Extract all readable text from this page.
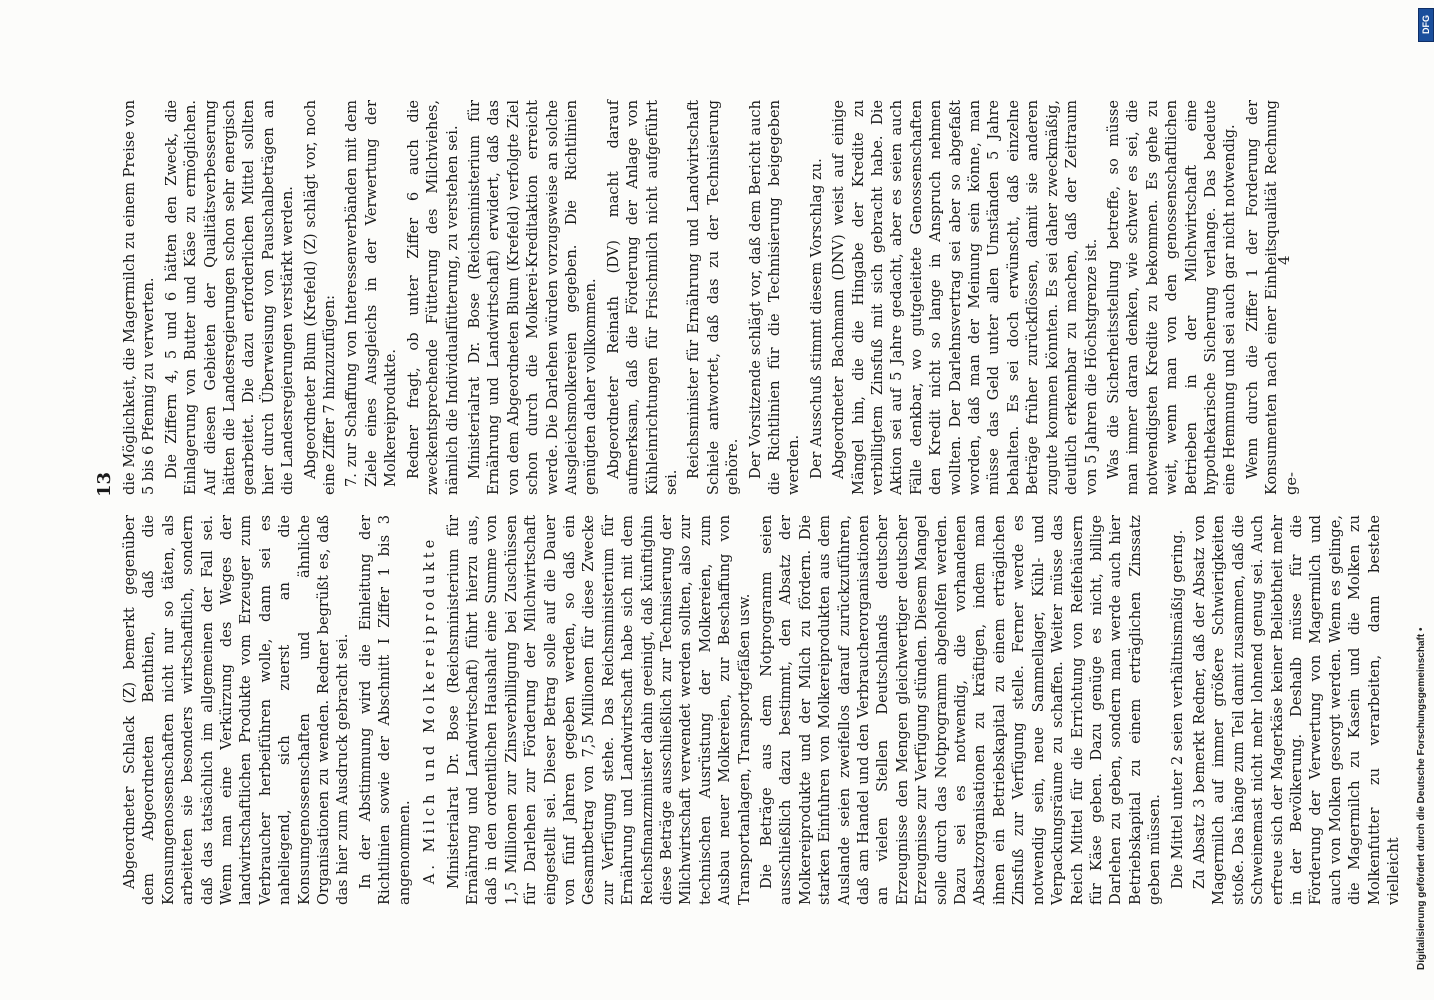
13

Abgeordneter Schlack (Z) bemerkt gegenüber dem Abgeordneten Benthien, daß die Konsumgenossenschaften nicht nur so täten, als arbeiteten sie besonders wirtschaftlich, sondern daß das tatsächlich im allgemeinen der Fall sei. Wenn man eine Verkürzung des Weges der landwirtschaftlichen Produkte vom Erzeuger zum Verbraucher herbeiführen wolle, dann sei es naheliegend, sich zuerst an die Konsumgenossenschaften und ähnliche Organisationen zu wenden. Redner begrüßt es, daß das hier zum Ausdruck gebracht sei. In der Abstimmung wird die Einleitung der Richtlinien sowie der Abschnitt I Ziffer 1 bis 3 angenommen. A. Milch und Molkereiprodukte Ministerialrat Dr. Bose (Reichsministerium für Ernährung und Landwirtschaft) führt hierzu aus, daß in den ordentlichen Haushalt eine Summe von 1,5 Millionen zur Zinsverbilligung bei Zuschüssen für Darlehen zur Förderung der Milchwirtschaft eingestellt sei. Dieser Betrag solle auf die Dauer von fünf Jahren gegeben werden, so daß ein Gesamtbetrag von 7,5 Millionen für diese Zwecke zur Verfügung stehe. Das Reichsministerium für Ernährung und Landwirtschaft habe sich mit dem Reichsfinanzminister dahin geeinigt, daß künftighin diese Beträge ausschließlich zur Technisierung der Milchwirtschaft verwendet werden sollten, also zur technischen Ausrüstung der Molkereien, zum Ausbau neuer Molkereien, zur Beschaffung von Transportanlagen, Transportgefäßen usw. Die Beträge aus dem Notprogramm seien ausschließlich dazu bestimmt, den Absatz der Molkereiprodukte und der Milch zu fördern. Die starken Einfuhren von Molkereiprodukten aus dem Auslande seien zweifellos darauf zurückzuführen, daß am Handel und den Verbraucherorganisationen an vielen Stellen Deutschlands deutscher Erzeugnisse den Mengen gleichwertiger deutscher Erzeugnisse zur Verfügung stünden. Diesem Mangel solle durch das Notprogramm abgeholfen werden. Dazu sei es notwendig, die vorhandenen Absatzorganisationen zu kräftigen, indem man ihnen ein Betriebskapital zu einem erträglichen Zinsfuß zur Verfügung stelle. Ferner werde es notwendig sein, neue Sammellager, Kühl- und Verpackungsräume zu schaffen. Weiter müsse das Reich Mittel für die Errichtung von Reifehäusern für Käse geben. Dazu genüge es nicht, billige Darlehen zu geben, sondern man werde auch hier Betriebskapital zu einem erträglichen Zinssatz geben müssen. Die Mittel unter 2 seien verhältnismäßig gering. Zu Absatz 3 bemerkt Redner, daß der Absatz von Magermilch auf immer größere Schwierigkeiten stoße. Das hänge zum Teil damit zusammen, daß die Schweinemast nicht mehr lohnend genug sei. Auch erfreue sich der Magerkäse keiner Beliebtheit mehr in der Bevölkerung. Deshalb müsse für die Förderung der Verwertung von Magermilch und auch von Molken gesorgt werden. Wenn es gelinge, die Magermilch zu Kasein und die Molken zu Molkenfutter zu verarbeiten, dann bestehe vielleicht

die Möglichkeit, die Magermilch zu einem Preise von 5 bis 6 Pfennig zu verwerten. Die Ziffern 4, 5 und 6 hätten den Zweck, die Einlagerung von Butter und Käse zu ermöglichen. Auf diesen Gebieten der Qualitätsverbesserung hätten die Landesregierungen schon sehr energisch gearbeitet. Die dazu erforderlichen Mittel sollten hier durch Überweisung von Pauschalbeträgen an die Landesregierungen verstärkt werden. Abgeordneter Blum (Krefeld) (Z) schlägt vor, noch eine Ziffer 7 hinzuzufügen: 7. zur Schaffung von Interessenverbänden mit dem Ziele eines Ausgleichs in der Verwertung der Molkereiprodukte. Redner fragt, ob unter Ziffer 6 auch die zweckentsprechende Fütterung des Milchviehes, nämlich die Individualfütterung, zu verstehen sei. Ministerialrat Dr. Bose (Reichsministerium für Ernährung und Landwirtschaft) erwidert, daß das von dem Abgeordneten Blum (Krefeld) verfolgte Ziel schon durch die Molkerei-Kreditaktion erreicht werde. Die Darlehen würden vorzugsweise an solche Ausgleichsmolkereien gegeben. Die Richtlinien genügten daher vollkommen. Abgeordneter Reinath (DV) macht darauf aufmerksam, daß die Förderung der Anlage von Kühleinrichtungen für Frischmilch nicht aufgeführt sei.

Reichsminister für Ernährung und Landwirtschaft Schiele antwortet, daß das zu der Technisierung gehöre. Der Vorsitzende schlägt vor, daß dem Bericht auch die Richtlinien für die Technisierung beigegeben werden. Der Ausschuß stimmt diesem Vorschlag zu. Abgeordneter Bachmann (DNV) weist auf einige Mängel hin, die die Hingabe der Kredite zu verbilligtem Zinsfuß mit sich gebracht habe. Die Aktion sei auf 5 Jahre gedacht, aber es seien auch Fälle denkbar, wo gutgeleitete Genossenschaften den Kredit nicht so lange in Anspruch nehmen wollten. Der Darlehnsvertrag sei aber so abgefaßt worden, daß man der Meinung sein könne, man müsse das Geld unter allen Umständen 5 Jahre behalten. Es sei doch erwünscht, daß einzelne Beträge früher zurückflössen, damit sie anderen zugute kommen könnten. Es sei daher zweckmäßig, deutlich erkennbar zu machen, daß der Zeitraum von 5 Jahren die Höchstgrenze ist. Was die Sicherheitsstellung betreffe, so müsse man immer daran denken, wie schwer es sei, die notwendigsten Kredite zu bekommen. Es gehe zu weit, wenn man von den genossenschaftlichen Betrieben in der Milchwirtschaft eine hypothekarische Sicherung verlange. Das bedeute eine Hemmung und sei auch gar nicht notwendig. Wenn durch die Ziffer 1 der Forderung der Konsumenten nach einer Einheitsqualität Rechnung ge-

4
DFG
Digitalisierung gefördert durch die Deutsche Forschungsgemeinschaft •
